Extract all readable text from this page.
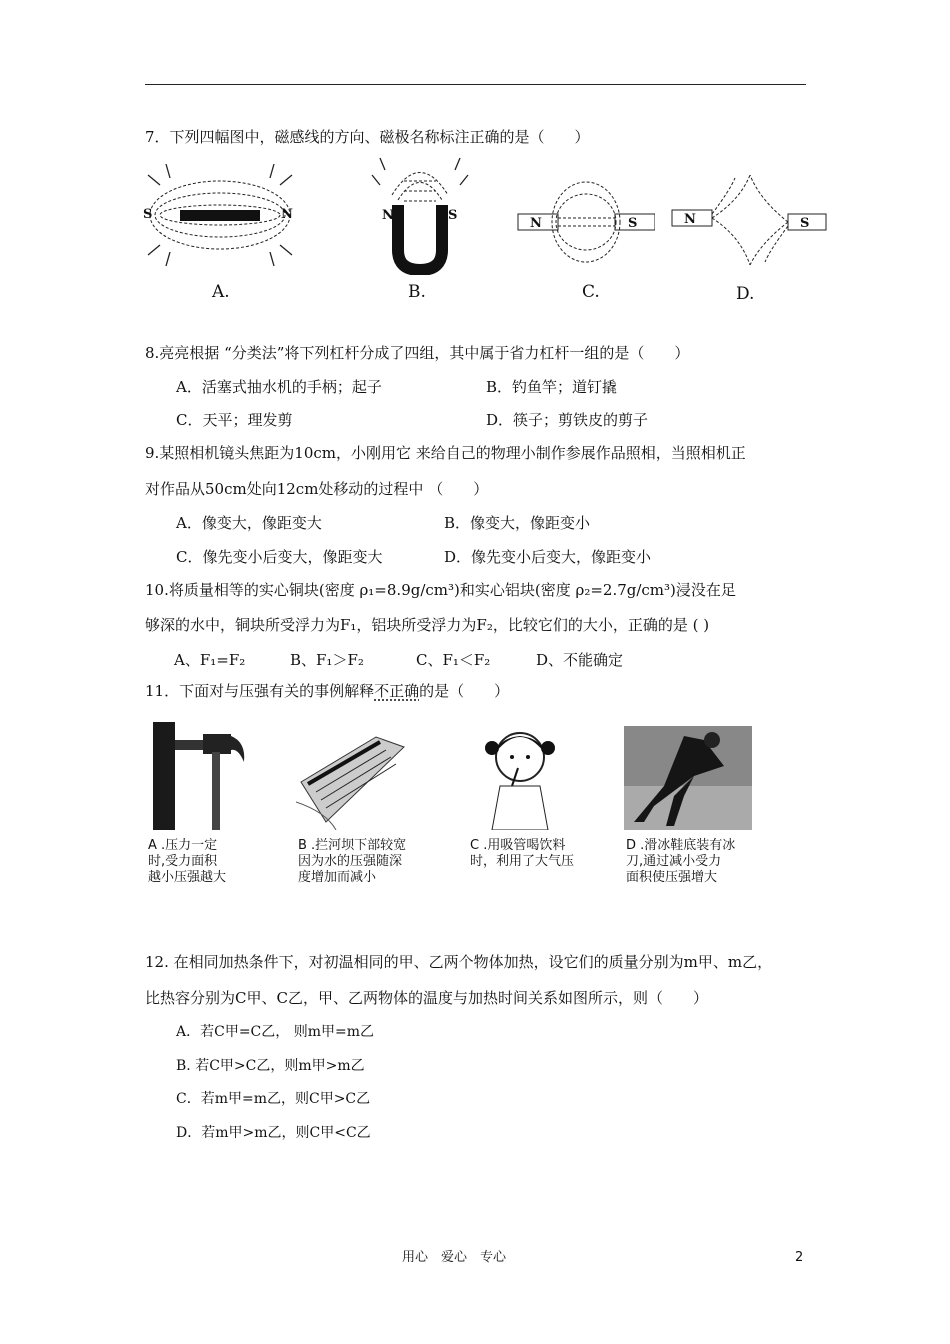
7．下列四幅图中，磁感线的方向、磁极名称标注正确的是（　　）
S	N
A.
N	S
B.
N	S
C.
N	S
D.
8.亮亮根据 “分类法”将下列杠杆分成了四组，其中属于省力杠杆一组的是（　　）
A．活塞式抽水机的手柄；起子	B．钓鱼竿；道钉撬
C．天平；理发剪	D．筷子；剪铁皮的剪子
9.某照相机镜头焦距为10cm，小刚用它 来给自己的物理小制作参展作品照相，当照相机正
对作品从50cm处向12cm处移动的过程中 （　　）
A．像变大，像距变大	B．像变大，像距变小
C．像先变小后变大，像距变大	D．像先变小后变大，像距变小
10.将质量相等的实心铜块(密度 ρ₁=8.9g/cm³)和实心铝块(密度 ρ₂=2.7g/cm³)浸没在足
够深的水中，铜块所受浮力为F₁，铝块所受浮力为F₂，比较它们的大小，正确的是 ( )
A、F₁=F₂	B、F₁＞F₂	C、F₁＜F₂	D、不能确定
11．下面对与压强有关的事例解释不正确的是（　　）
A .压力一定
时,受力面积
越小压强越大
B .拦河坝下部较宽
因为水的压强随深
度增加而减小
C .用吸管喝饮料
时，利用了大气压
D .滑冰鞋底装有冰
刀,通过减小受力
面积使压强增大
12. 在相同加热条件下，对初温相同的甲、乙两个物体加热，设它们的质量分别为m甲、m乙，
比热容分别为C甲、C乙，甲、乙两物体的温度与加热时间关系如图所示，则（　　）
A．若C甲=C乙， 则m甲=m乙
B. 若C甲>C乙，则m甲>m乙
C．若m甲=m乙，则C甲>C乙
D．若m甲>m乙，则C甲<C乙
用心　爱心　专心	2
